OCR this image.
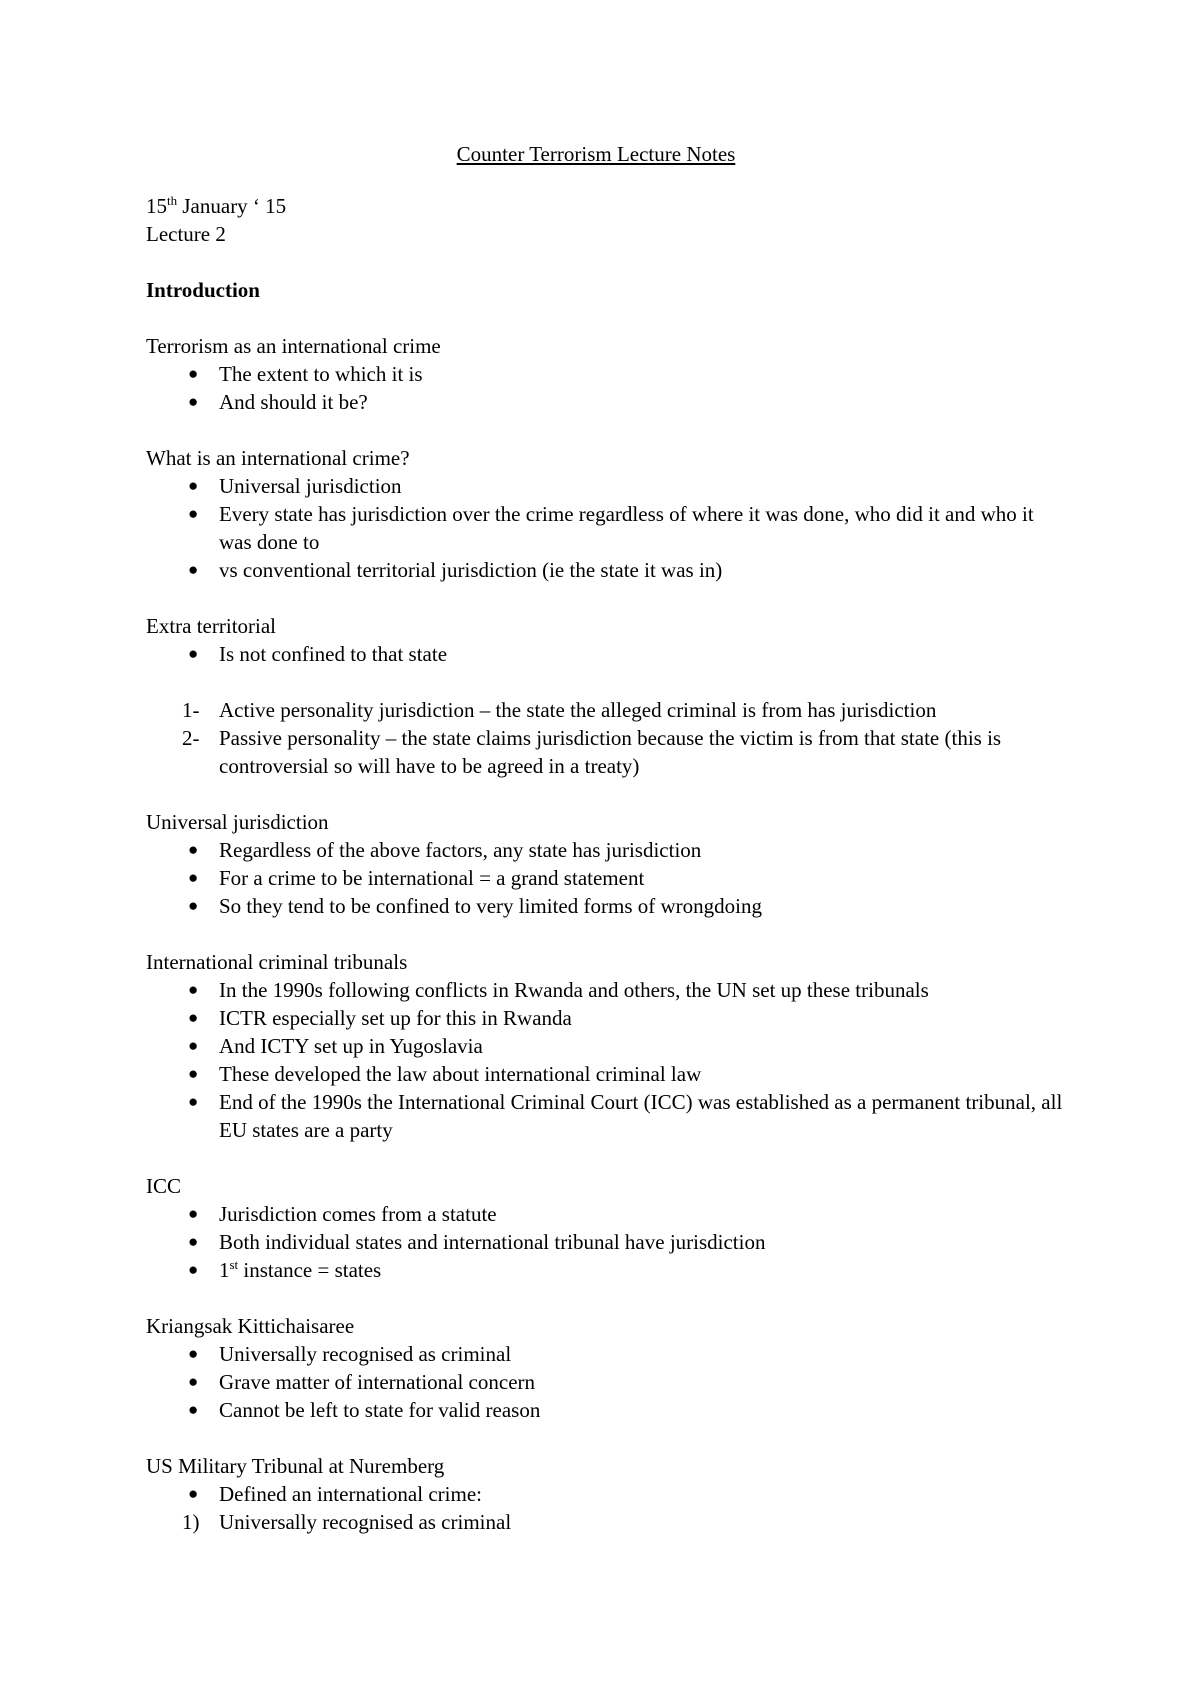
Counter Terrorism Lecture Notes

15th January ‘ 15

Lecture 2

Introduction

Terrorism as an international crime

● The extent to which it is
● And should it be?

What is an international crime?

● Universal jurisdiction
● Every state has jurisdiction over the crime regardless of where it was done, who did it and who it was done to
● vs conventional territorial jurisdiction (ie the state it was in)

Extra territorial

● Is not confined to that state
1- Active personality jurisdiction – the state the alleged criminal is from has jurisdiction
2- Passive personality – the state claims jurisdiction because the victim is from that state (this is controversial so will have to be agreed in a treaty)

Universal jurisdiction

● Regardless of the above factors, any state has jurisdiction
● For a crime to be international = a grand statement
● So they tend to be confined to very limited forms of wrongdoing

International criminal tribunals

● In the 1990s following conflicts in Rwanda and others, the UN set up these tribunals
● ICTR especially set up for this in Rwanda
● And ICTY set up in Yugoslavia
● These developed the law about international criminal law
● End of the 1990s the International Criminal Court (ICC) was established as a permanent tribunal, all EU states are a party

ICC

● Jurisdiction comes from a statute
● Both individual states and international tribunal have jurisdiction
● 1st instance = states

Kriangsak Kittichaisaree

● Universally recognised as criminal
● Grave matter of international concern
● Cannot be left to state for valid reason

US Military Tribunal at Nuremberg

● Defined an international crime:
1) Universally recognised as criminal
